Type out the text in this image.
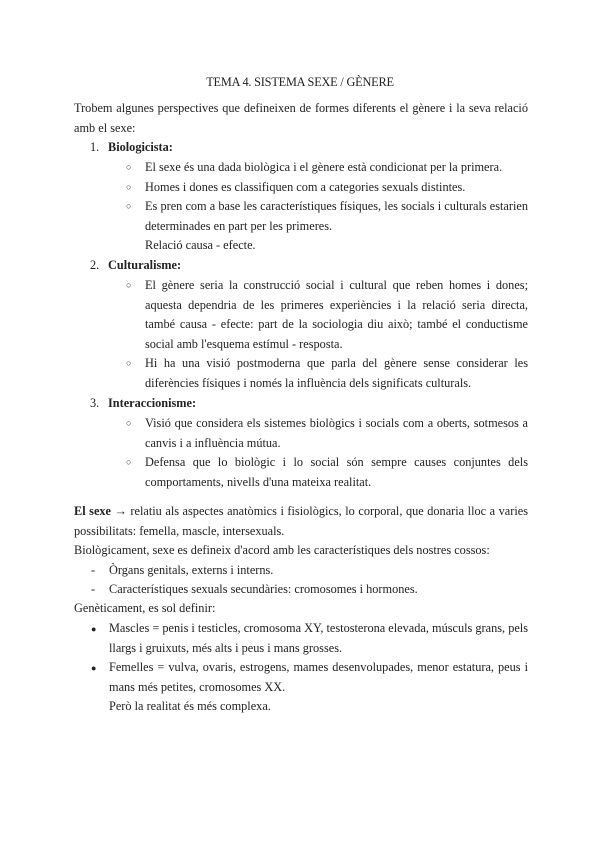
TEMA 4. SISTEMA SEXE / GÈNERE
Trobem algunes perspectives que defineixen de formes diferents el gènere i la seva relació amb el sexe:
1. Biologicista:
○ El sexe és una dada biològica i el gènere està condicionat per la primera.
○ Homes i dones es classifiquen com a categories sexuals distintes.
○ Es pren com a base les característiques físiques, les socials i culturals estarien determinades en part per les primeres.
Relació causa - efecte.
2. Culturalisme:
○ El gènere seria la construcció social i cultural que reben homes i dones; aquesta dependria de les primeres experiències i la relació seria directa, també causa - efecte: part de la sociologia diu això; també el conductisme social amb l'esquema estímul - resposta.
○ Hi ha una visió postmoderna que parla del gènere sense considerar les diferències físiques i només la influència dels significats culturals.
3. Interaccionisme:
○ Visió que considera els sistemes biològics i socials com a oberts, sotmesos a canvis i a influència mútua.
○ Defensa que lo biològic i lo social són sempre causes conjuntes dels comportaments, nivells d'una mateixa realitat.
El sexe → relatiu als aspectes anatòmics i fisiològics, lo corporal, que donaria lloc a varies possibilitats: femella, mascle, intersexuals.
Biològicament, sexe es defineix d'acord amb les característiques dels nostres cossos:
- Òrgans genitals, externs i interns.
- Característiques sexuals secundàries: cromosomes i hormones.
Genèticament, es sol definir:
● Mascles = penis i testicles, cromosoma XY, testosterona elevada, músculs grans, pels llargs i gruixuts, més alts i peus i mans grosses.
● Femelles = vulva, ovaris, estrogens, mames desenvolupades, menor estatura, peus i mans més petites, cromosomes XX.
Però la realitat és més complexa.
